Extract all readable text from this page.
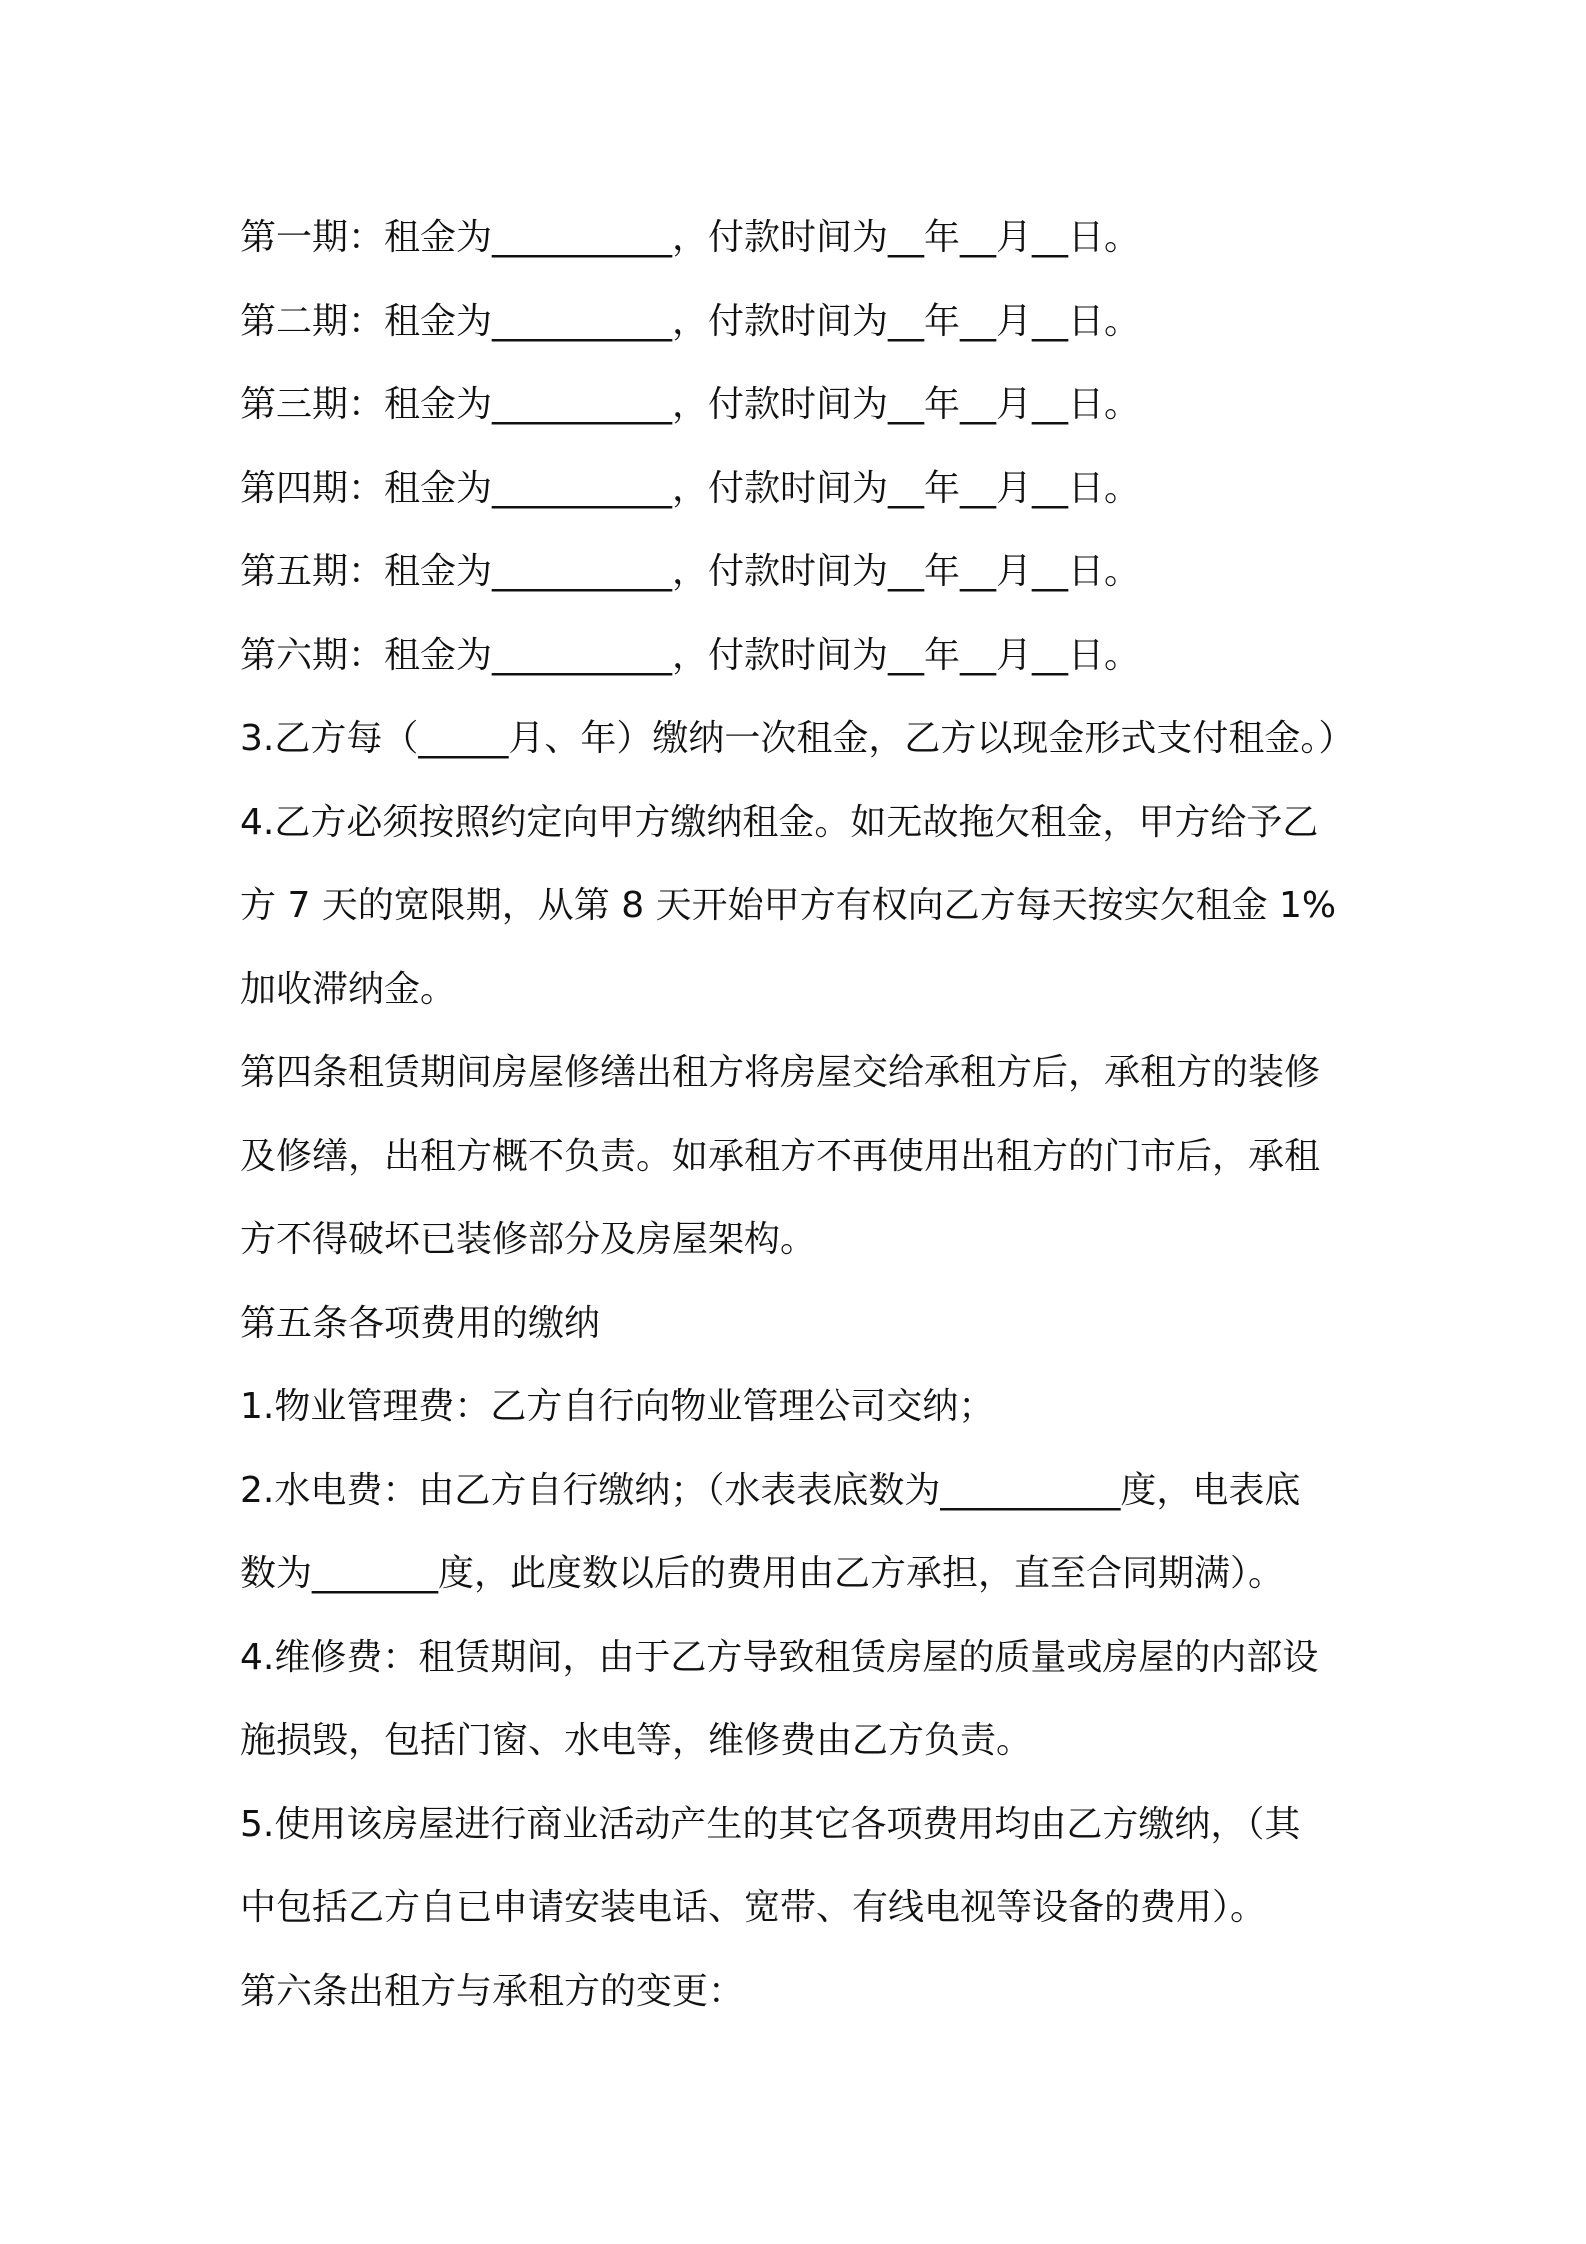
第一期：租金为__________，付款时间为__年__月__日。
第二期：租金为__________，付款时间为__年__月__日。
第三期：租金为__________，付款时间为__年__月__日。
第四期：租金为__________，付款时间为__年__月__日。
第五期：租金为__________，付款时间为__年__月__日。
第六期：租金为__________，付款时间为__年__月__日。
3.乙方每（_____月、年）缴纳一次租金，乙方以现金形式支付租金。）
4.乙方必须按照约定向甲方缴纳租金。如无故拖欠租金，甲方给予乙
方 7 天的宽限期，从第 8 天开始甲方有权向乙方每天按实欠租金 1%
加收滞纳金。
第四条租赁期间房屋修缮出租方将房屋交给承租方后，承租方的装修
及修缮，出租方概不负责。如承租方不再使用出租方的门市后，承租
方不得破坏已装修部分及房屋架构。
第五条各项费用的缴纳
1.物业管理费：乙方自行向物业管理公司交纳；
2.水电费：由乙方自行缴纳；（水表表底数为__________度，电表底
数为_______度，此度数以后的费用由乙方承担，直至合同期满）。
4.维修费：租赁期间，由于乙方导致租赁房屋的质量或房屋的内部设
施损毁，包括门窗、水电等，维修费由乙方负责。
5.使用该房屋进行商业活动产生的其它各项费用均由乙方缴纳，（其
中包括乙方自已申请安装电话、宽带、有线电视等设备的费用）。
第六条出租方与承租方的变更：
